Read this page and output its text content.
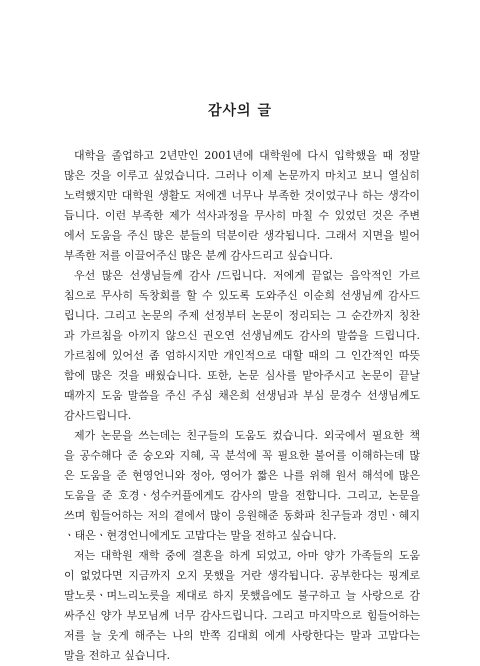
감사의 글
대학을 졸업하고 2년만인 2001년에 대학원에 다시 입학했을 때 정말
많은 것을 이루고 싶었습니다. 그러나 이제 논문까지 마치고 보니 열심히
노력했지만 대학원 생활도 저에겐 너무나 부족한 것이었구나 하는 생각이
듭니다. 이런 부족한 제가 석사과정을 무사히 마칠 수 있었던 것은 주변
에서 도움을 주신 많은 분들의 덕분이란 생각됩니다. 그래서 지면을 빌어
부족한 저를 이끌어주신 많은 분께 감사드리고 싶습니다.
우선 많은 선생님들께 감사 /드립니다. 저에게 끝없는 음악적인 가르
침으로 무사히 독창회를 할 수 있도록 도와주신 이순희 선생님께 감사드
립니다. 그리고 논문의 주제 선정부터 논문이 정리되는 그 순간까지 칭찬
과 가르침을 아끼지 않으신 권오연 선생님께도 감사의 말씀을 드립니다.
가르침에 있어선 좀 엄하시지만 개인적으로 대할 때의 그 인간적인 따뜻
함에 많은 것을 배웠습니다. 또한, 논문 심사를 맡아주시고 논문이 끝날
때까지 도움 말씀을 주신 주심 채은희 선생님과 부심 문경수 선생님께도
감사드립니다.
제가 논문을 쓰는데는 친구들의 도움도 컸습니다. 외국에서 필요한 책
을 공수해다 준 숭오와 지혜, 곡 분석에 꼭 필요한 불어를 이해하는데 많
은 도움을 준 현영언니와 정아, 영어가 짧은 나를 위해 원서 해석에 많은
도움을 준 호경ㆍ성수커플에게도 감사의 말을 전합니다. 그리고, 논문을
쓰며 힘들어하는 저의 곁에서 많이 응원해준 동화파 친구들과 경민ㆍ혜지
ㆍ태은ㆍ현경언니에게도 고맙다는 말을 전하고 싶습니다.
저는 대학원 재학 중에 결혼을 하게 되었고, 아마 양가 가족들의 도움
이 없었다면 지금까지 오지 못했을 거란 생각됩니다. 공부한다는 핑계로
딸노릇ㆍ며느리노릇을 제대로 하지 못했음에도 불구하고 늘 사랑으로 감
싸주신 양가 부모님께 너무 감사드립니다. 그리고 마지막으로 힘들어하는
저를 늘 웃게 해주는 나의 반쪽 김대희 에게 사랑한다는 말과 고맙다는
말을 전하고 싶습니다.
